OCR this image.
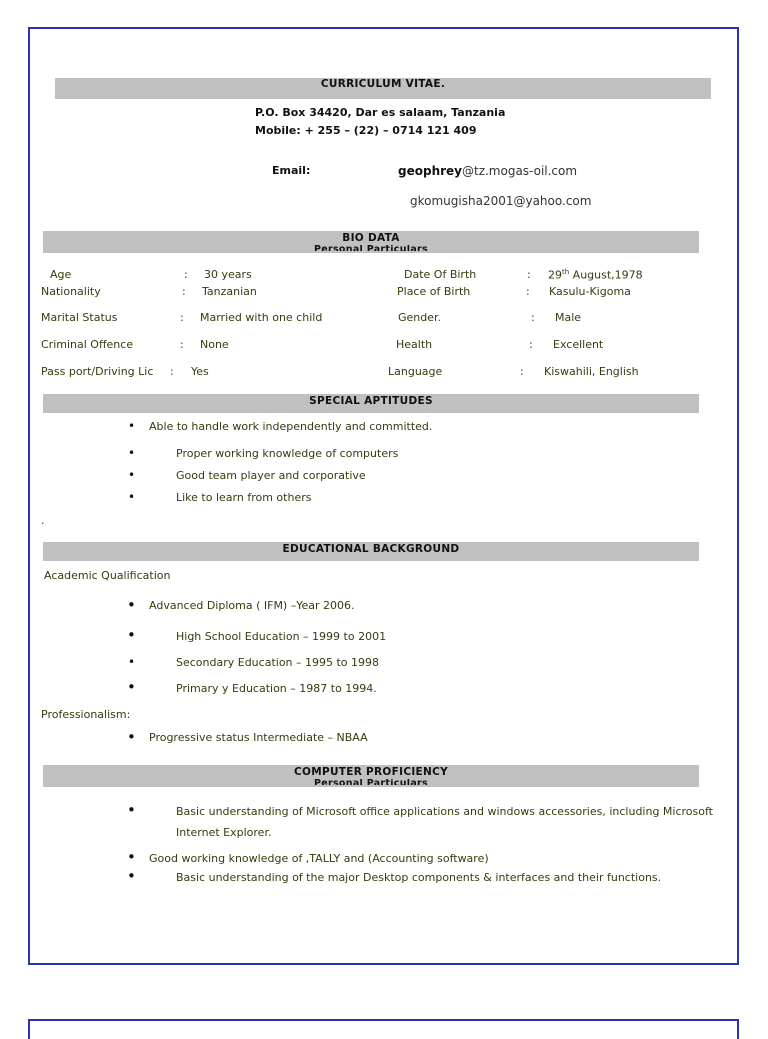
CURRICULUM VITAE.
P.O. Box 34420, Dar es salaam, Tanzania
Mobile: + 255 – (22) – 0714 121 409
Email:	geophrey@tz.mogas-oil.com
gkomugisha2001@yahoo.com
BIO DATA
Personal Particulars
Age	: 30 years	Date Of Birth	: 29th August,1978
Nationality	: Tanzanian	Place of Birth	: Kasulu-Kigoma
Marital Status	: Married with one child	Gender.	: Male
Criminal Offence	: None	Health	: Excellent
Pass port/Driving Lic : Yes	Language	: Kiswahili, English
SPECIAL APTITUDES
• Able to handle work independently and committed.
•	Proper working knowledge of computers
•	Good team player and corporative
•	Like to learn from others
.
EDUCATIONAL BACKGROUND
Academic Qualification
• Advanced Diploma ( IFM) –Year 2006.
•	High School Education – 1999 to 2001
•	Secondary Education – 1995 to 1998
•	Primary y Education – 1987 to 1994.
Professionalism:
• Progressive status Intermediate – NBAA
COMPUTER PROFICIENCY
Personal Particulars
•	Basic understanding of Microsoft office applications and windows accessories, including Microsoft
Internet Explorer.
• Good working knowledge of ,TALLY and (Accounting software)
•	Basic understanding of the major Desktop components & interfaces and their functions.
